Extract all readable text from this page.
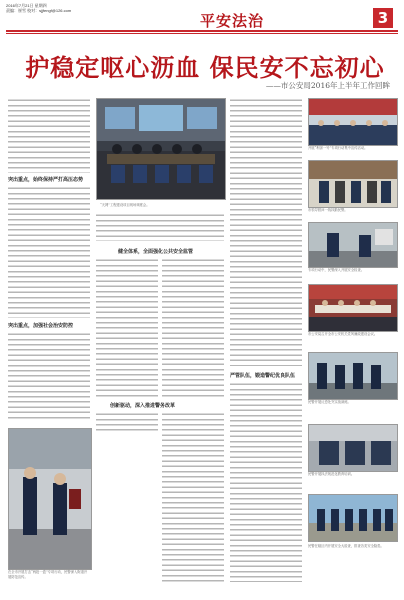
2016年7月21日 星期四
责编：崔雪 校对：sjjfengf@126.com
平安法治	3
护稳定呕心沥血 保民安不忘初心
——市公安局2016年上半年工作回眸
突出重点，始终保持严打高压态势
突出重点，加强社会治安防控
“天网”工程建设项目现场调度会。
健全体系，全面强化公共安全监管
创新驱动，深入推进警务改革
严管队伍，锻造警纪优良队伍
开展“利剑一号”专项行动集中宣传活动。
市领导慰问一线执勤民警。
专项行动中，民警深入开展安全检查。
市公安局召开全市公安机关党风廉政建设会议。
民警开展反恐处突实战演练。
民警开展执法规范化教育培训。
民警在辖区内开展安全大检查，排查各类安全隐患。
在全市开展打击“两抢一盗”专项行动，民警深入街道开展防范宣传。
